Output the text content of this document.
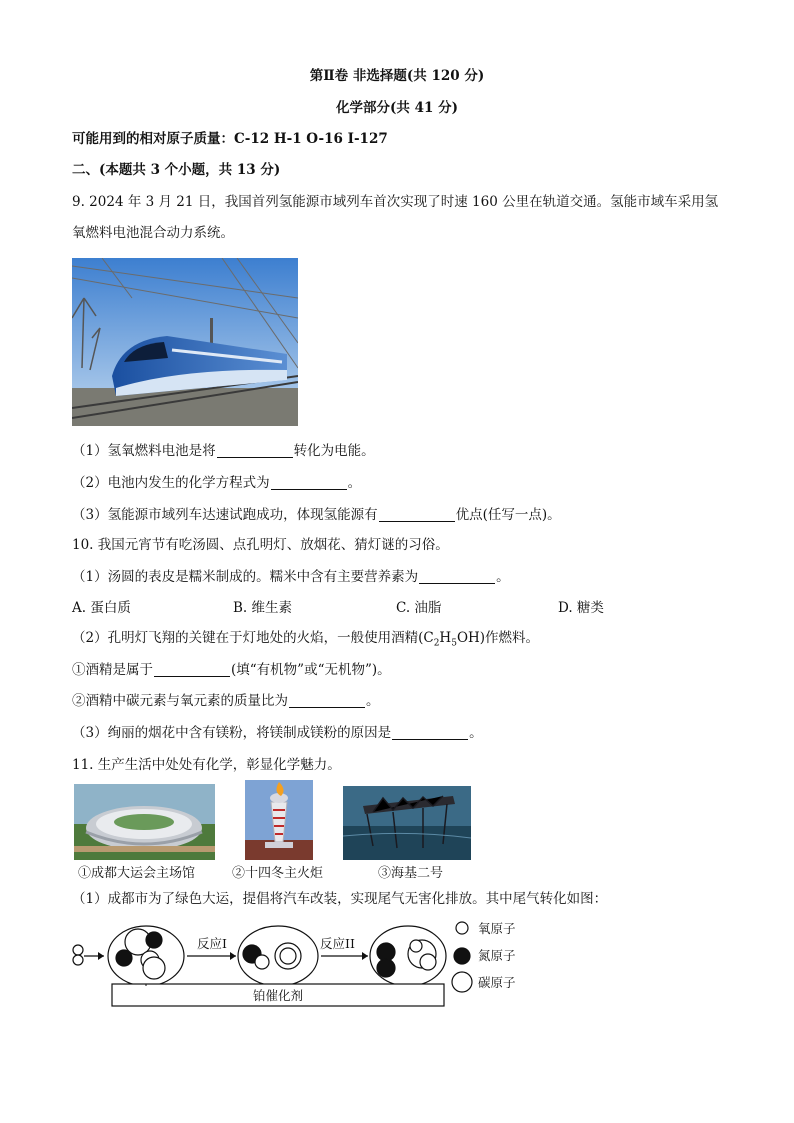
第Ⅱ卷 非选择题(共 120 分)
化学部分(共 41 分)
可能用到的相对原子质量：C-12 H-1 O-16 I-127
二、(本题共 3 个小题，共 13 分)
9. 2024 年 3 月 21 日，我国首列氢能源市域列车首次实现了时速 160 公里在轨道交通。氢能市域车采用氢
氧燃料电池混合动力系统。
（1）氢氧燃料电池是将	转化为电能。
（2）电池内发生的化学方程式为	。
（3）氢能源市域列车达速试跑成功，体现氢能源有	优点(任写一点)。
10. 我国元宵节有吃汤圆、点孔明灯、放烟花、猜灯谜的习俗。
（1）汤圆的表皮是糯米制成的。糯米中含有主要营养素为	。
A. 蛋白质	B. 维生素	C. 油脂	D. 糖类
（2）孔明灯飞翔的关键在于灯地处的火焰，一般使用酒精$(C_2H_5OH)$作燃料。
①酒精是属于	(填“有机物”或“无机物”)。
②酒精中碳元素与氧元素的质量比为	。
（3）绚丽的烟花中含有镁粉，将镁制成镁粉的原因是	。
11. 生产生活中处处有化学，彰显化学魅力。
①成都大运会主场馆	②十四冬主火炬	③海基二号
（1）成都市为了绿色大运，提倡将汽车改装，实现尾气无害化排放。其中尾气转化如图：
反应I	反应II
铂催化剂
氧原子
氮原子
碳原子
